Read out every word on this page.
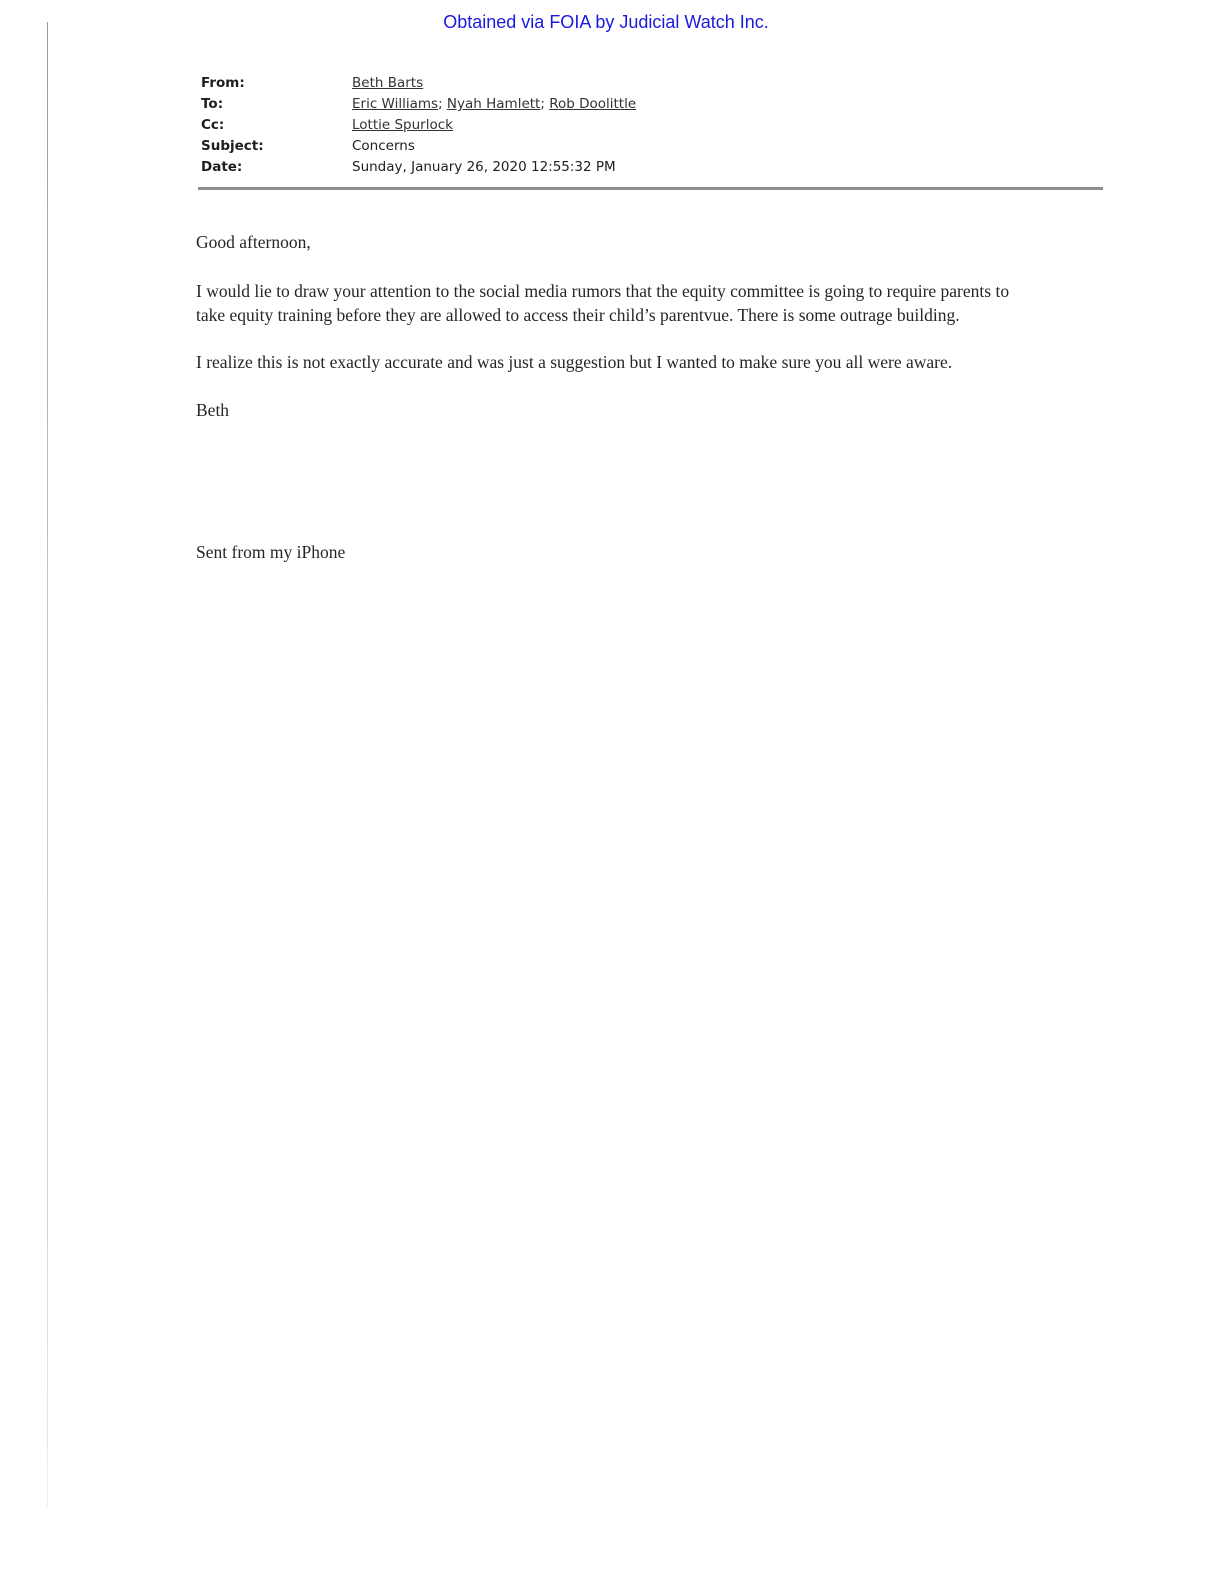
Obtained via FOIA by Judicial Watch Inc.
From:	Beth Barts
To:	Eric Williams; Nyah Hamlett; Rob Doolittle
Cc:	Lottie Spurlock
Subject:	Concerns
Date:	Sunday, January 26, 2020 12:55:32 PM

Good afternoon,

I would lie to draw your attention to the social media rumors that the equity committee is going to require parents to
take equity training before they are allowed to access their child’s parentvue. There is some outrage building.

I realize this is not exactly accurate and was just a suggestion but I wanted to make sure you all were aware.

Beth

Sent from my iPhone
